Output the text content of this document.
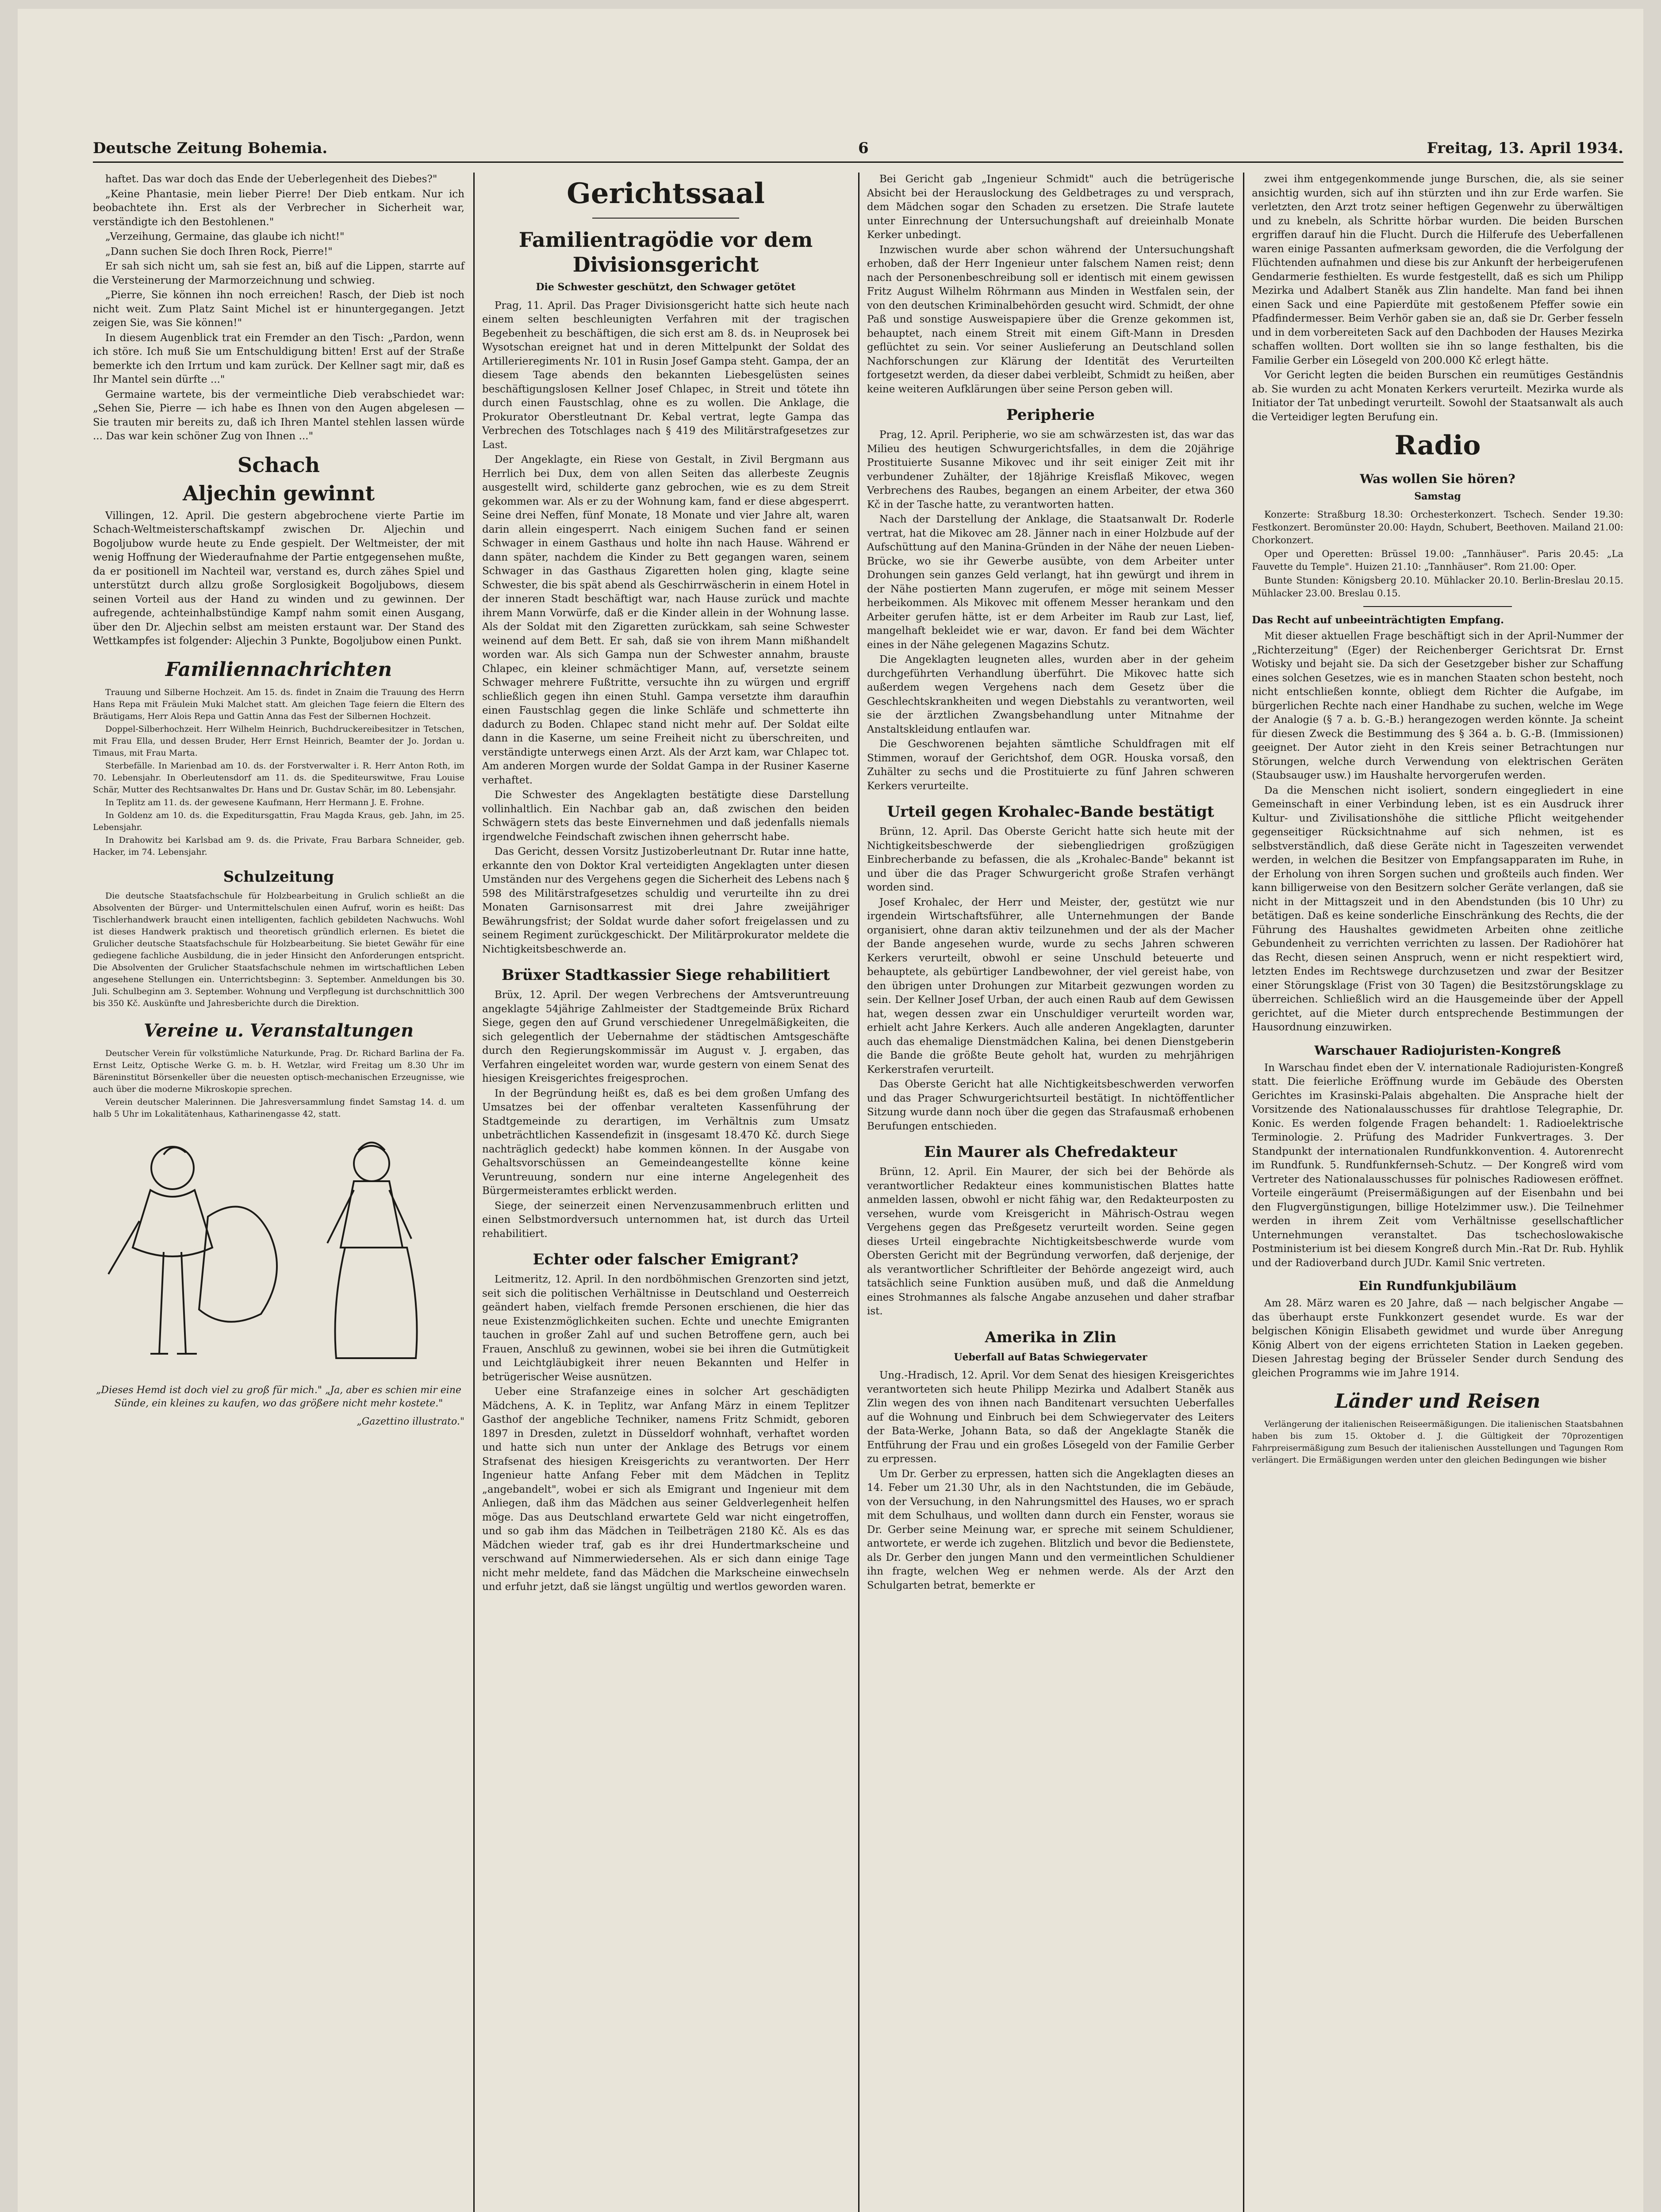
Deutsche Zeitung Bohemia.	6	Freitag, 13. April 1934.

haftet. Das war doch das Ende der Ueberlegenheit des Diebes?"

„Keine Phantasie, mein lieber Pierre! Der Dieb entkam. Nur ich beobachtete ihn. Erst als der Verbrecher in Sicherheit war, verständigte ich den Bestohlenen."

„Verzeihung, Germaine, das glaube ich nicht!"

„Dann suchen Sie doch Ihren Rock, Pierre!"

Er sah sich nicht um, sah sie fest an, biß auf die Lippen, starrte auf die Versteinerung der Marmorzeichnung und schwieg.

„Pierre, Sie können ihn noch erreichen! Rasch, der Dieb ist noch nicht weit. Zum Platz Saint Michel ist er hinuntergegangen. Jetzt zeigen Sie, was Sie können!"

In diesem Augenblick trat ein Fremder an den Tisch: „Pardon, wenn ich störe. Ich muß Sie um Entschuldigung bitten! Erst auf der Straße bemerkte ich den Irrtum und kam zurück. Der Kellner sagt mir, daß es Ihr Mantel sein dürfte ..."

Germaine wartete, bis der vermeintliche Dieb verabschiedet war: „Sehen Sie, Pierre — ich habe es Ihnen von den Augen abgelesen — Sie trauten mir bereits zu, daß ich Ihren Mantel stehlen lassen würde ... Das war kein schöner Zug von Ihnen ..."

Schach
Aljechin gewinnt

Villingen, 12. April. Die gestern abgebrochene vierte Partie im Schach-Weltmeisterschaftskampf zwischen Dr. Aljechin und Bogoljubow wurde heute zu Ende gespielt. Der Weltmeister, der mit wenig Hoffnung der Wiederaufnahme der Partie entgegensehen mußte, da er positionell im Nachteil war, verstand es, durch zähes Spiel und unterstützt durch allzu große Sorglosigkeit Bogoljubows, diesem seinen Vorteil aus der Hand zu winden und zu gewinnen. Der aufregende, achteinhalbstündige Kampf nahm somit einen Ausgang, über den Dr. Aljechin selbst am meisten erstaunt war. Der Stand des Wettkampfes ist folgender: Aljechin 3 Punkte, Bogoljubow einen Punkt.

Familiennachrichten

Trauung und Silberne Hochzeit. Am 15. ds. findet in Znaim die Trauung des Herrn Hans Repa mit Fräulein Muki Malchet statt. Am gleichen Tage feiern die Eltern des Bräutigams, Herr Alois Repa und Gattin Anna das Fest der Silbernen Hochzeit.

Doppel-Silberhochzeit. Herr Wilhelm Heinrich, Buchdruckereibesitzer in Tetschen, mit Frau Ella, und dessen Bruder, Herr Ernst Heinrich, Beamter der Jo. Jordan u. Timaus, mit Frau Marta.

Sterbefälle. In Marienbad am 10. ds. der Forstverwalter i. R. Herr Anton Roth, im 70. Lebensjahr. In Oberleutensdorf am 11. ds. die Spediteurswitwe, Frau Louise Schär, Mutter des Rechtsanwaltes Dr. Hans und Dr. Gustav Schär, im 80. Lebensjahr.

In Teplitz am 11. ds. der gewesene Kaufmann, Herr Hermann J. E. Frohne.

In Goldenz am 10. ds. die Expeditursgattin, Frau Magda Kraus, geb. Jahn, im 25. Lebensjahr.

In Drahowitz bei Karlsbad am 9. ds. die Private, Frau Barbara Schneider, geb. Hacker, im 74. Lebensjahr.

Schulzeitung

Die deutsche Staatsfachschule für Holzbearbeitung in Grulich schließt an die Absolventen der Bürger- und Untermittelschulen einen Aufruf, worin es heißt: Das Tischlerhandwerk braucht einen intelligenten, fachlich gebildeten Nachwuchs. Wohl ist dieses Handwerk praktisch und theoretisch gründlich erlernen. Es bietet die Grulicher deutsche Staatsfachschule für Holzbearbeitung. Sie bietet Gewähr für eine gediegene fachliche Ausbildung, die in jeder Hinsicht den Anforderungen entspricht. Die Absolventen der Grulicher Staatsfachschule nehmen im wirtschaftlichen Leben angesehene Stellungen ein. Unterrichtsbeginn: 3. September. Anmeldungen bis 30. Juli. Schulbeginn am 3. September. Wohnung und Verpflegung ist durchschnittlich 300 bis 350 Kč. Auskünfte und Jahresberichte durch die Direktion.

Vereine u. Veranstaltungen

Deutscher Verein für volkstümliche Naturkunde, Prag. Dr. Richard Barlina der Fa. Ernst Leitz, Optische Werke G. m. b. H. Wetzlar, wird Freitag um 8.30 Uhr im Bäreninstitut Börsenkeller über die neuesten optisch-mechanischen Erzeugnisse, wie auch über die moderne Mikroskopie sprechen.

Verein deutscher Malerinnen. Die Jahresversammlung findet Samstag 14. d. um halb 5 Uhr im Lokalitätenhaus, Katharinengasse 42, statt.

„Dieses Hemd ist doch viel zu groß für mich." „Ja, aber es schien mir eine Sünde, ein kleines zu kaufen, wo das größere nicht mehr kostete."
„Gazettino illustrato."
Gerichtssaal
Familientragödie vor dem Divisionsgericht
Die Schwester geschützt, den Schwager getötet

Prag, 11. April. Das Prager Divisionsgericht hatte sich heute nach einem selten beschleunigten Verfahren mit der tragischen Begebenheit zu beschäftigen, die sich erst am 8. ds. in Neuprosek bei Wysotschan ereignet hat und in deren Mittelpunkt der Soldat des Artillerieregiments Nr. 101 in Rusin Josef Gampa steht. Gampa, der an diesem Tage abends den bekannten Liebesgelüsten seines beschäftigungslosen Kellner Josef Chlapec, in Streit und tötete ihn durch einen Faustschlag, ohne es zu wollen. Die Anklage, die Prokurator Oberstleutnant Dr. Kebal vertrat, legte Gampa das Verbrechen des Totschlages nach § 419 des Militärstrafgesetzes zur Last.

Der Angeklagte, ein Riese von Gestalt, in Zivil Bergmann aus Herrlich bei Dux, dem von allen Seiten das allerbeste Zeugnis ausgestellt wird, schilderte ganz gebrochen, wie es zu dem Streit gekommen war. Als er zu der Wohnung kam, fand er diese abgesperrt. Seine drei Neffen, fünf Monate, 18 Monate und vier Jahre alt, waren darin allein eingesperrt. Nach einigem Suchen fand er seinen Schwager in einem Gasthaus und holte ihn nach Hause. Während er dann später, nachdem die Kinder zu Bett gegangen waren, seinem Schwager in das Gasthaus Zigaretten holen ging, klagte seine Schwester, die bis spät abend als Geschirrwäscherin in einem Hotel in der inneren Stadt beschäftigt war, nach Hause zurück und machte ihrem Mann Vorwürfe, daß er die Kinder allein in der Wohnung lasse. Als der Soldat mit den Zigaretten zurückkam, sah seine Schwester weinend auf dem Bett. Er sah, daß sie von ihrem Mann mißhandelt worden war. Als sich Gampa nun der Schwester annahm, brauste Chlapec, ein kleiner schmächtiger Mann, auf, versetzte seinem Schwager mehrere Fußtritte, versuchte ihn zu würgen und ergriff schließlich gegen ihn einen Stuhl. Gampa versetzte ihm daraufhin einen Faustschlag gegen die linke Schläfe und schmetterte ihn dadurch zu Boden. Chlapec stand nicht mehr auf. Der Soldat eilte dann in die Kaserne, um seine Freiheit nicht zu überschreiten, und verständigte unterwegs einen Arzt. Als der Arzt kam, war Chlapec tot. Am anderen Morgen wurde der Soldat Gampa in der Rusiner Kaserne verhaftet.

Die Schwester des Angeklagten bestätigte diese Darstellung vollinhaltlich. Ein Nachbar gab an, daß zwischen den beiden Schwägern stets das beste Einvernehmen und daß jedenfalls niemals irgendwelche Feindschaft zwischen ihnen geherrscht habe.

Das Gericht, dessen Vorsitz Justizoberleutnant Dr. Rutar inne hatte, erkannte den von Doktor Kral verteidigten Angeklagten unter diesen Umständen nur des Vergehens gegen die Sicherheit des Lebens nach § 598 des Militärstrafgesetzes schuldig und verurteilte ihn zu drei Monaten Garnisonsarrest mit drei Jahre zweijähriger Bewährungsfrist; der Soldat wurde daher sofort freigelassen und zu seinem Regiment zurückgeschickt. Der Militärprokurator meldete die Nichtigkeitsbeschwerde an.

Brüxer Stadtkassier Siege rehabilitiert

Brüx, 12. April. Der wegen Verbrechens der Amtsveruntreuung angeklagte 54jährige Zahlmeister der Stadtgemeinde Brüx Richard Siege, gegen den auf Grund verschiedener Unregelmäßigkeiten, die sich gelegentlich der Uebernahme der städtischen Amtsgeschäfte durch den Regierungskommissär im August v. J. ergaben, das Verfahren eingeleitet worden war, wurde gestern von einem Senat des hiesigen Kreisgerichtes freigesprochen.

In der Begründung heißt es, daß es bei dem großen Umfang des Umsatzes bei der offenbar veralteten Kassenführung der Stadtgemeinde zu derartigen, im Verhältnis zum Umsatz unbeträchtlichen Kassendefizit in (insgesamt 18.470 Kč. durch Siege nachträglich gedeckt) habe kommen können. In der Ausgabe von Gehaltsvorschüssen an Gemeindeangestellte könne keine Veruntreuung, sondern nur eine interne Angelegenheit des Bürgermeisteramtes erblickt werden.

Siege, der seinerzeit einen Nervenzusammenbruch erlitten und einen Selbstmordversuch unternommen hat, ist durch das Urteil rehabilitiert.

Echter oder falscher Emigrant?

Leitmeritz, 12. April. In den nordböhmischen Grenzorten sind jetzt, seit sich die politischen Verhältnisse in Deutschland und Oesterreich geändert haben, vielfach fremde Personen erschienen, die hier das neue Existenzmöglichkeiten suchen. Echte und unechte Emigranten tauchen in großer Zahl auf und suchen Betroffene gern, auch bei Frauen, Anschluß zu gewinnen, wobei sie bei ihren die Gutmütigkeit und Leichtgläubigkeit ihrer neuen Bekannten und Helfer in betrügerischer Weise ausnützen.

Ueber eine Strafanzeige eines in solcher Art geschädigten Mädchens, A. K. in Teplitz, war Anfang März in einem Teplitzer Gasthof der angebliche Techniker, namens Fritz Schmidt, geboren 1897 in Dresden, zuletzt in Düsseldorf wohnhaft, verhaftet worden und hatte sich nun unter der Anklage des Betrugs vor einem Strafsenat des hiesigen Kreisgerichts zu verantworten. Der Herr Ingenieur hatte Anfang Feber mit dem Mädchen in Teplitz „angebandelt", wobei er sich als Emigrant und Ingenieur mit dem Anliegen, daß ihm das Mädchen aus seiner Geldverlegenheit helfen möge. Das aus Deutschland erwartete Geld war nicht eingetroffen, und so gab ihm das Mädchen in Teilbeträgen 2180 Kč. Als es das Mädchen wieder traf, gab es ihr drei Hundertmarkscheine und verschwand auf Nimmerwiedersehen. Als er sich dann einige Tage nicht mehr meldete, fand das Mädchen die Markscheine einwechseln und erfuhr jetzt, daß sie längst ungültig und wertlos geworden waren.

Bei Gericht gab „Ingenieur Schmidt" auch die betrügerische Absicht bei der Herauslockung des Geldbetrages zu und versprach, dem Mädchen sogar den Schaden zu ersetzen. Die Strafe lautete unter Einrechnung der Untersuchungshaft auf dreieinhalb Monate Kerker unbedingt.

Inzwischen wurde aber schon während der Untersuchungshaft erhoben, daß der Herr Ingenieur unter falschem Namen reist; denn nach der Personenbeschreibung soll er identisch mit einem gewissen Fritz August Wilhelm Röhrmann aus Minden in Westfalen sein, der von den deutschen Kriminalbehörden gesucht wird. Schmidt, der ohne Paß und sonstige Ausweispapiere über die Grenze gekommen ist, behauptet, nach einem Streit mit einem Gift-Mann in Dresden geflüchtet zu sein. Vor seiner Auslieferung an Deutschland sollen Nachforschungen zur Klärung der Identität des Verurteilten fortgesetzt werden, da dieser dabei verbleibt, Schmidt zu heißen, aber keine weiteren Aufklärungen über seine Person geben will.

Peripherie

Prag, 12. April. Peripherie, wo sie am schwärzesten ist, das war das Milieu des heutigen Schwurgerichtsfalles, in dem die 20jährige Prostituierte Susanne Mikovec und ihr seit einiger Zeit mit ihr verbundener Zuhälter, der 18jährige Kreisflaß Mikovec, wegen Verbrechens des Raubes, begangen an einem Arbeiter, der etwa 360 Kč in der Tasche hatte, zu verantworten hatten.

Nach der Darstellung der Anklage, die Staatsanwalt Dr. Roderle vertrat, hat die Mikovec am 28. Jänner nach in einer Holzbude auf der Aufschüttung auf den Manina-Gründen in der Nähe der neuen Lieben-Brücke, wo sie ihr Gewerbe ausübte, von dem Arbeiter unter Drohungen sein ganzes Geld verlangt, hat ihn gewürgt und ihrem in der Nähe postierten Mann zugerufen, er möge mit seinem Messer herbeikommen. Als Mikovec mit offenem Messer herankam und den Arbeiter gerufen hätte, ist er dem Arbeiter im Raub zur Last, lief, mangelhaft bekleidet wie er war, davon. Er fand bei dem Wächter eines in der Nähe gelegenen Magazins Schutz.

Die Angeklagten leugneten alles, wurden aber in der geheim durchgeführten Verhandlung überführt. Die Mikovec hatte sich außerdem wegen Vergehens nach dem Gesetz über die Geschlechtskrankheiten und wegen Diebstahls zu verantworten, weil sie der ärztlichen Zwangsbehandlung unter Mitnahme der Anstaltskleidung entlaufen war.

Die Geschworenen bejahten sämtliche Schuldfragen mit elf Stimmen, worauf der Gerichtshof, dem OGR. Houska vorsaß, den Zuhälter zu sechs und die Prostituierte zu fünf Jahren schweren Kerkers verurteilte.

Urteil gegen Krohalec-Bande bestätigt

Brünn, 12. April. Das Oberste Gericht hatte sich heute mit der Nichtigkeitsbeschwerde der siebengliedrigen großzügigen Einbrecherbande zu befassen, die als „Krohalec-Bande" bekannt ist und über die das Prager Schwurgericht große Strafen verhängt worden sind.

Josef Krohalec, der Herr und Meister, der, gestützt wie nur irgendein Wirtschaftsführer, alle Unternehmungen der Bande organisiert, ohne daran aktiv teilzunehmen und der als der Macher der Bande angesehen wurde, wurde zu sechs Jahren schweren Kerkers verurteilt, obwohl er seine Unschuld beteuerte und behauptete, als gebürtiger Landbewohner, der viel gereist habe, von den übrigen unter Drohungen zur Mitarbeit gezwungen worden zu sein. Der Kellner Josef Urban, der auch einen Raub auf dem Gewissen hat, wegen dessen zwar ein Unschuldiger verurteilt worden war, erhielt acht Jahre Kerkers. Auch alle anderen Angeklagten, darunter auch das ehemalige Dienstmädchen Kalina, bei denen Dienstgeberin die Bande die größte Beute geholt hat, wurden zu mehrjährigen Kerkerstrafen verurteilt.

Das Oberste Gericht hat alle Nichtigkeitsbeschwerden verworfen und das Prager Schwurgerichtsurteil bestätigt. In nichtöffentlicher Sitzung wurde dann noch über die gegen das Strafausmaß erhobenen Berufungen entschieden.

Ein Maurer als Chefredakteur

Brünn, 12. April. Ein Maurer, der sich bei der Behörde als verantwortlicher Redakteur eines kommunistischen Blattes hatte anmelden lassen, obwohl er nicht fähig war, den Redakteurposten zu versehen, wurde vom Kreisgericht in Mährisch-Ostrau wegen Vergehens gegen das Preßgesetz verurteilt worden. Seine gegen dieses Urteil eingebrachte Nichtigkeitsbeschwerde wurde vom Obersten Gericht mit der Begründung verworfen, daß derjenige, der als verantwortlicher Schriftleiter der Behörde angezeigt wird, auch tatsächlich seine Funktion ausüben muß, und daß die Anmeldung eines Strohmannes als falsche Angabe anzusehen und daher strafbar ist.

Amerika in Zlin
Ueberfall auf Batas Schwiegervater

Ung.-Hradisch, 12. April. Vor dem Senat des hiesigen Kreisgerichtes verantworteten sich heute Philipp Mezirka und Adalbert Staněk aus Zlin wegen des von ihnen nach Banditenart versuchten Ueberfalles auf die Wohnung und Einbruch bei dem Schwiegervater des Leiters der Bata-Werke, Johann Bata, so daß der Angeklagte Staněk die Entführung der Frau und ein großes Lösegeld von der Familie Gerber zu erpressen.

Um Dr. Gerber zu erpressen, hatten sich die Angeklagten dieses an 14. Feber um 21.30 Uhr, als in den Nachtstunden, die im Gebäude, von der Versuchung, in den Nahrungsmittel des Hauses, wo er sprach mit dem Schulhaus, und wollten dann durch ein Fenster, woraus sie Dr. Gerber seine Meinung war, er spreche mit seinem Schuldiener, antwortete, er werde ich zugehen. Blitzlich und bevor die Bedienstete, als Dr. Gerber den jungen Mann und den vermeintlichen Schuldiener ihn fragte, welchen Weg er nehmen werde. Als der Arzt den Schulgarten betrat, bemerkte er

zwei ihm entgegenkommende junge Burschen, die, als sie seiner ansichtig wurden, sich auf ihn stürzten und ihn zur Erde warfen. Sie verletzten, den Arzt trotz seiner heftigen Gegenwehr zu überwältigen und zu knebeln, als Schritte hörbar wurden. Die beiden Burschen ergriffen darauf hin die Flucht. Durch die Hilferufe des Ueberfallenen waren einige Passanten aufmerksam geworden, die die Verfolgung der Flüchtenden aufnahmen und diese bis zur Ankunft der herbeigerufenen Gendarmerie festhielten. Es wurde festgestellt, daß es sich um Philipp Mezirka und Adalbert Staněk aus Zlin handelte. Man fand bei ihnen einen Sack und eine Papierdüte mit gestoßenem Pfeffer sowie ein Pfadfindermesser. Beim Verhör gaben sie an, daß sie Dr. Gerber fesseln und in dem vorbereiteten Sack auf den Dachboden der Hauses Mezirka schaffen wollten. Dort wollten sie ihn so lange festhalten, bis die Familie Gerber ein Lösegeld von 200.000 Kč erlegt hätte.

Vor Gericht legten die beiden Burschen ein reumütiges Geständnis ab. Sie wurden zu acht Monaten Kerkers verurteilt. Mezirka wurde als Initiator der Tat unbedingt verurteilt. Sowohl der Staatsanwalt als auch die Verteidiger legten Berufung ein.

Radio
Was wollen Sie hören?
Samstag

Konzerte: Straßburg 18.30: Orchesterkonzert. Tschech. Sender 19.30: Festkonzert. Beromünster 20.00: Haydn, Schubert, Beethoven. Mailand 21.00: Chorkonzert.

Oper und Operetten: Brüssel 19.00: „Tannhäuser". Paris 20.45: „La Fauvette du Temple". Huizen 21.10: „Tannhäuser". Rom 21.00: Oper.

Bunte Stunden: Königsberg 20.10. Mühlacker 20.10. Berlin-Breslau 20.15. Mühlacker 23.00. Breslau 0.15.

Das Recht auf unbeeinträchtigten Empfang.

Mit dieser aktuellen Frage beschäftigt sich in der April-Nummer der „Richterzeitung" (Eger) der Reichenberger Gerichtsrat Dr. Ernst Wotisky und bejaht sie. Da sich der Gesetzgeber bisher zur Schaffung eines solchen Gesetzes, wie es in manchen Staaten schon besteht, noch nicht entschließen konnte, obliegt dem Richter die Aufgabe, im bürgerlichen Rechte nach einer Handhabe zu suchen, welche im Wege der Analogie (§ 7 a. b. G.-B.) herangezogen werden könnte. Ja scheint für diesen Zweck die Bestimmung des § 364 a. b. G.-B. (Immissionen) geeignet. Der Autor zieht in den Kreis seiner Betrachtungen nur Störungen, welche durch Verwendung von elektrischen Geräten (Staubsauger usw.) im Haushalte hervorgerufen werden.

Da die Menschen nicht isoliert, sondern eingegliedert in eine Gemeinschaft in einer Verbindung leben, ist es ein Ausdruck ihrer Kultur- und Zivilisationshöhe die sittliche Pflicht weitgehender gegenseitiger Rücksichtnahme auf sich nehmen, ist es selbstverständlich, daß diese Geräte nicht in Tageszeiten verwendet werden, in welchen die Besitzer von Empfangsapparaten im Ruhe, in der Erholung von ihren Sorgen suchen und großteils auch finden. Wer kann billigerweise von den Besitzern solcher Geräte verlangen, daß sie nicht in der Mittagszeit und in den Abendstunden (bis 10 Uhr) zu betätigen. Daß es keine sonderliche Einschränkung des Rechts, die der Führung des Haushaltes gewidmeten Arbeiten ohne zeitliche Gebundenheit zu verrichten verrichten zu lassen. Der Radiohörer hat das Recht, diesen seinen Anspruch, wenn er nicht respektiert wird, letzten Endes im Rechtswege durchzusetzen und zwar der Besitzer einer Störungsklage (Frist von 30 Tagen) die Besitzstörungsklage zu überreichen. Schließlich wird an die Hausgemeinde über der Appell gerichtet, auf die Mieter durch entsprechende Bestimmungen der Hausordnung einzuwirken.

Warschauer Radiojuristen-Kongreß

In Warschau findet eben der V. internationale Radiojuristen-Kongreß statt. Die feierliche Eröffnung wurde im Gebäude des Obersten Gerichtes im Krasinski-Palais abgehalten. Die Ansprache hielt der Vorsitzende des Nationalausschusses für drahtlose Telegraphie, Dr. Konic. Es werden folgende Fragen behandelt: 1. Radioelektrische Terminologie. 2. Prüfung des Madrider Funkvertrages. 3. Der Standpunkt der internationalen Rundfunkkonvention. 4. Autorenrecht im Rundfunk. 5. Rundfunkfernseh-Schutz. — Der Kongreß wird vom Vertreter des Nationalausschusses für polnisches Radiowesen eröffnet. Vorteile eingeräumt (Preisermäßigungen auf der Eisenbahn und bei den Flugvergünstigungen, billige Hotelzimmer usw.). Die Teilnehmer werden in ihrem Zeit vom Verhältnisse gesellschaftlicher Unternehmungen veranstaltet. Das tschechoslowakische Postministerium ist bei diesem Kongreß durch Min.-Rat Dr. Rub. Hyhlik und der Radioverband durch JUDr. Kamil Snic vertreten.

Ein Rundfunkjubiläum

Am 28. März waren es 20 Jahre, daß — nach belgischer Angabe — das überhaupt erste Funkkonzert gesendet wurde. Es war der belgischen Königin Elisabeth gewidmet und wurde über Anregung König Albert von der eigens errichteten Station in Laeken gegeben. Diesen Jahrestag beging der Brüsseler Sender durch Sendung des gleichen Programms wie im Jahre 1914.

Länder und Reisen

Verlängerung der italienischen Reiseermäßigungen. Die italienischen Staatsbahnen haben bis zum 15. Oktober d. J. die Gültigkeit der 70prozentigen Fahrpreisermäßigung zum Besuch der italienischen Ausstellungen und Tagungen Rom verlängert. Die Ermäßigungen werden unter den gleichen Bedingungen wie bisher
